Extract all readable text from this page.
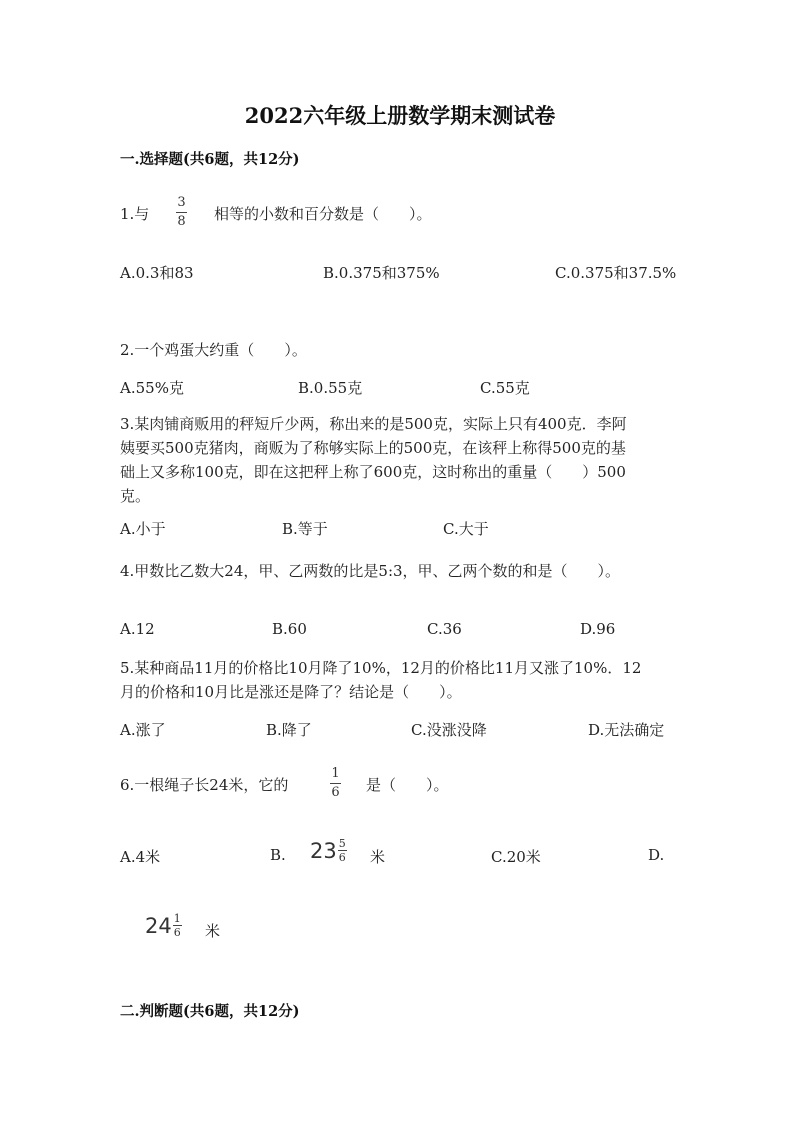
2022六年级上册数学期末测试卷
一.选择题(共6题，共12分)
1.与
3
8 相等的小数和百分数是（　　）。
A.0.3和83	B.0.375和375%	C.0.375和37.5%
2.一个鸡蛋大约重（　　）。
A.55%克	B.0.55克	C.55克
3.某肉铺商贩用的秤短斤少两，称出来的是500克，实际上只有400克．李阿
姨要买500克猪肉，商贩为了称够实际上的500克，在该秤上称得500克的基
础上又多称100克，即在这把秤上称了600克，这时称出的重量（　　）500
克。
A.小于	B.等于	C.大于
4.甲数比乙数大24，甲、乙两数的比是5:3，甲、乙两个数的和是（　　）。
A.12	B.60	C.36	D.96
5.某种商品11月的价格比10月降了10%，12月的价格比11月又涨了10%．12
月的价格和10月比是涨还是降了？结论是（　　）。
A.涨了	B.降了	C.没涨没降	D.无法确定
6.一根绳子长24米，它的
1
6 是（　　）。
A.4米	B. 23 5
6 米	C.20米	D.
24 1
6 米
二.判断题(共6题，共12分)
